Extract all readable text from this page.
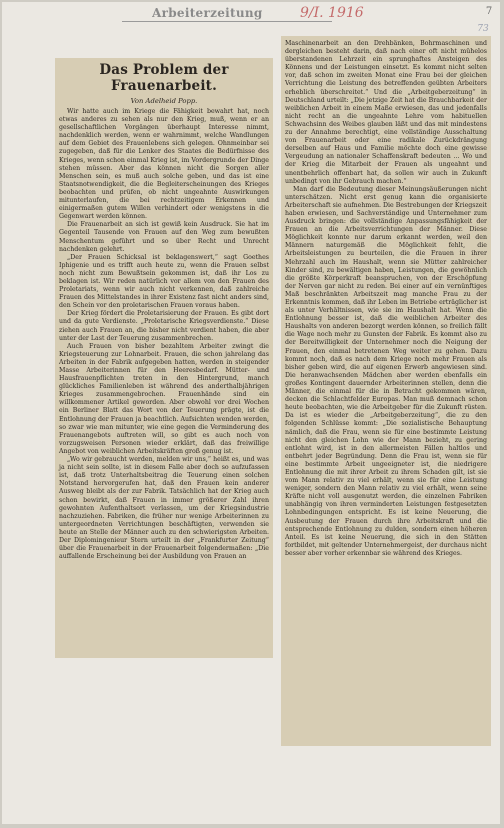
Arbeiterzeitung	9/I. 1916	7
73
Das Problem der Frauenarbeit.
Von Adelheid Popp.

Wir hatte auch im Kriege die Fähigkeit bewahrt hat, noch etwas anderes zu sehen als nur den Krieg, muß, wenn er an gesellschaftlichen Vorgängen überhaupt Interesse nimmt, nachdenklich werden, wenn er wahrnimmt, welche Wandlungen auf dem Gebiet des Frauenlebens sich gelegen. Ohnmeinbar sei zugegeben, daß für die Lenker des Staates die Bedürfnisse des Krieges, wenn schon einmal Krieg ist, im Vordergrunde der Dinge stehen müssen. Aber das können nicht die Sorgen aller Menschen sein, es muß auch solche geben, und das ist eine Staatsnotwendigkeit, die die Begleiterscheinungen des Krieges beobachten und prüfen, ob nicht ungeahnte Auswirkungen mitunterlaufen, die bei rechtzeitigem Erkennen und einigermaßen gutem Willen verhindert oder wenigstens in die Gegenwart werden können.

Die Frauenarbeit an sich ist gewiß kein Ausdruck. Sie hat im Gegenteil Tausende von Frauen auf den Weg zum bewußten Menschentum geführt und so über Recht und Unrecht nachdenken gelehrt.

„Der Frauen Schicksal ist beklagenswert,“ sagt Goethes Iphigenie und es trifft auch heute zu, wenn die Frauen selbst noch nicht zum Bewußtsein gekommen ist, daß ihr Los zu beklagen ist. Wir reden natürlich vor allem von den Frauen des Proletariats, wenn wir auch nicht verkennen, daß zahlreiche Frauen des Mittelstandes in ihrer Existenz fast nicht anders sind, den Schein vor den proletarischen Frauen voraus haben.

Der Krieg fördert die Proletarisierung der Frauen. Es gibt dort und da gute Verdienste. „Proletarische Kriegsverdienste.“ Diese ziehen auch Frauen an, die bisher nicht verdient haben, die aber unter der Last der Teuerung zusammenbrechen.

Auch Frauen von bisher bezahltem Arbeiter zwingt die Kriegsteuerung zur Lohnarbeit. Frauen, die schon jahrelang das Arbeiten in der Fabrik aufgegeben hatten, werden in steigender Masse Arbeiterinnen für den Heeresbedarf. Mütter- und Hausfrauenpflichten treten in den Hintergrund, manch glückliches Familienleben ist während des anderthalbjährigen Krieges zusammengebrochen. Frauenhände sind ein willkommener Artikel geworden. Aber obwohl vor drei Wochen ein Berliner Blatt das Wort von der Teuerung prägte, ist die Entlohnung der Frauen ja beachtlich. Aufsichten wenden werden, so zwar wie man mitunter, wie eine gegen die Verminderung des Frauenangebots auftreten will, so gibt es auch noch von vorzugsweisen Personen wieder erklärt, daß das freiwillige Angebot von weiblichen Arbeitskräften groß genug ist.

„Wo wir gebraucht werden, melden wir uns,“ heißt es, und was ja nicht sein sollte, ist in diesem Falle aber doch so aufzufassen ist, daß trotz Unterhaltsbeitrag die Teuerung einen solchen Notstand hervorgerufen hat, daß den Frauen kein anderer Ausweg bleibt als der zur Fabrik. Tatsächlich hat der Krieg auch schon bewirkt, daß Frauen in immer größerer Zahl ihren gewohnten Aufenthaltsort verlassen, um der Kriegsindustrie nachzuziehen. Fabriken, die früher nur wenige Arbeiterinnen zu untergeordneten Verrichtungen beschäftigten, verwenden sie heute an Stelle der Männer auch zu den schwierigsten Arbeiten. Der Diplomingenieur Stern urteilt in der „Frankfurter Zeitung“ über die Frauenarbeit in der Frauenarbeit folgendermaßen: „Die auffallende Erscheinung bei der Ausbildung von Frauen an

Maschinenarbeit an den Drehbänken, Bohrmaschinen und dergleichen besteht darin, daß nach einer oft nicht mühelos überstandenen Lehrzeit ein sprunghaftes Ansteigen des Könnens und der Leistungen einsetzt. Es kommt nicht selten vor, daß schon im zweiten Monat eine Frau bei der gleichen Verrichtung die Leistung des betreffenden geübten Arbeiters erheblich überschreitet.“ Und die „Arbeitgeberzeitung“ in Deutschland urteilt: „Die jetzige Zeit hat die Brauchbarkeit der weiblichen Arbeit in einem Maße erwiesen, das und jedenfalls nicht recht an die ungeahnte Lehre vom habituellen Schwachsinn des Weibes glauben läßt und das mit mindestens zu der Annahme berechtigt, eine vollständige Ausschaltung von Frauenarbeit oder eine radikale Zurückdrängung derselben auf Haus und Familie möchte doch eine gewisse Vergeudung an nationaler Schaffenskraft bedeuten ... Wo und der Krieg die Mitarbeit der Frauen als ungeahnt und unentbehrlich offenbart hat, da sollen wir auch in Zukunft unbedingt von ihr Gebrauch machen.“

Man darf die Bedeutung dieser Meinungsäußerungen nicht unterschätzen. Nicht erst genug kann die organisierte Arbeiterschaft sie aufnehmen. Die Bestrebungen der Kriegszeit haben erwiesen, und Sachverständige und Unternehmer zum Ausdruck bringen: die vollständige Anpassungsfähigkeit der Frauen an die Arbeitsverrichtungen der Männer. Diese Möglichkeit konnte nur darum erkannt werden, weil den Männern naturgemäß die Möglichkeit fehlt, die Arbeitsleistungen zu beurteilen, die die Frauen in ihrer Mehrzahl auch im Haushalt, wenn sie Mütter zahlreicher Kinder sind, zu bewältigen haben, Leistungen, die gewöhnlich die größte Körperkraft beanspruchen, von der Erschöpfung der Nerven gar nicht zu reden. Bei einer auf ein vernünftiges Maß beschränkten Arbeitszeit mag manche Frau zu der Erkenntnis kommen, daß ihr Leben im Betriebe erträglicher ist als unter Verhältnissen, wie sie im Haushalt hat. Wenn die Entlohnung besser ist, daß die weiblichen Arbeiter des Haushalts von anderen bezorgt werden können, so freilich fällt die Wage noch mehr zu Gunsten der Fabrik. Es kommt also zu der Bereitwilligkeit der Unternehmer noch die Neigung der Frauen, den einmal betretenen Weg weiter zu gehen. Dazu kommt noch, daß es nach dem Kriege noch mehr Frauen als bisher geben wird, die auf eigenen Erwerb angewiesen sind. Die heranwachsenden Mädchen aber werden ebenfalls ein großes Kontingent dauernder Arbeiterinnen stellen, denn die Männer, die einmal für die in Betracht gekommen wären, decken die Schlachtfelder Europas. Man muß demnach schon heute beobachten, wie die Arbeitgeber für die Zukunft rüsten. Da ist es wieder die „Arbeitgeberzeitung“, die zu den folgenden Schlüsse kommt: „Die sozialistische Behauptung nämlich, daß die Frau, wenn sie für eine bestimmte Leistung nicht den gleichen Lohn wie der Mann bezieht, zu gering entlohnt wird, ist in den allermeisten Fällen haltlos und entbehrt jeder Begründung. Denn die Frau ist, wenn sie für eine bestimmte Arbeit ungeeigneter ist, die niedrigere Entlohnung die mit ihrer Arbeit zu ihrem Schaden gilt, ist sie vom Mann relativ zu viel erhält, wenn sie für eine Leistung weniger, sondern den Mann relativ zu viel erhält, wenn seine Kräfte nicht voll ausgenutzt werden, die einzelnen Fabriken unabhängig von ihren verminderten Leistungen festgesetzten Lohnbedingungen entspricht. Es ist keine Neuerung, die Ausbeutung der Frauen durch ihre Arbeitskraft und die entsprechende Entlohnung zu dulden, sondern einen höheren Anteil. Es ist keine Neuerung, die sich in den Stätten fortbildet, mit geltender Unternehmergeist, der durchaus nicht besser aber vorher erkennbar sie während des Krieges.
